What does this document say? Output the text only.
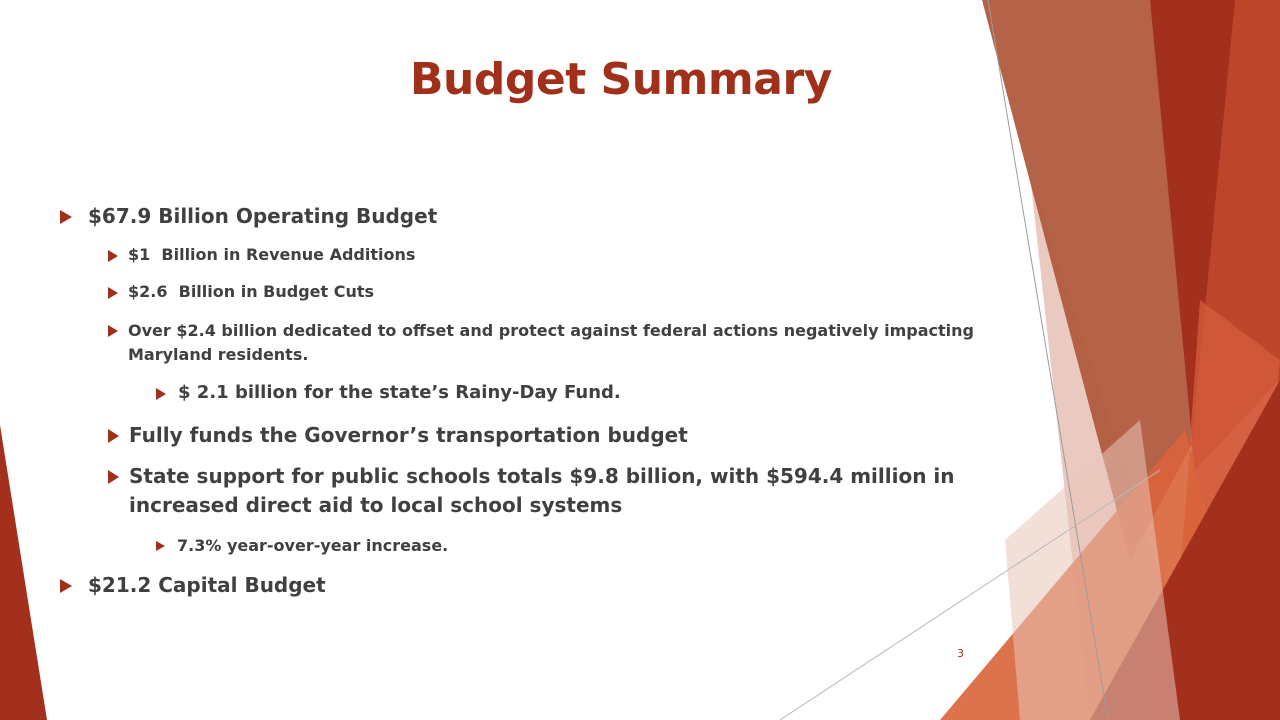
Budget Summary
$67.9 Billion Operating Budget
$1  Billion in Revenue Additions
$2.6  Billion in Budget Cuts
Over $2.4 billion dedicated to offset and protect against federal actions negatively impacting
Maryland residents.
$ 2.1 billion for the state’s Rainy-Day Fund.
Fully funds the Governor’s transportation budget
State support for public schools totals $9.8 billion, with $594.4 million in
increased direct aid to local school systems
7.3% year-over-year increase.
$21.2 Capital Budget
3
